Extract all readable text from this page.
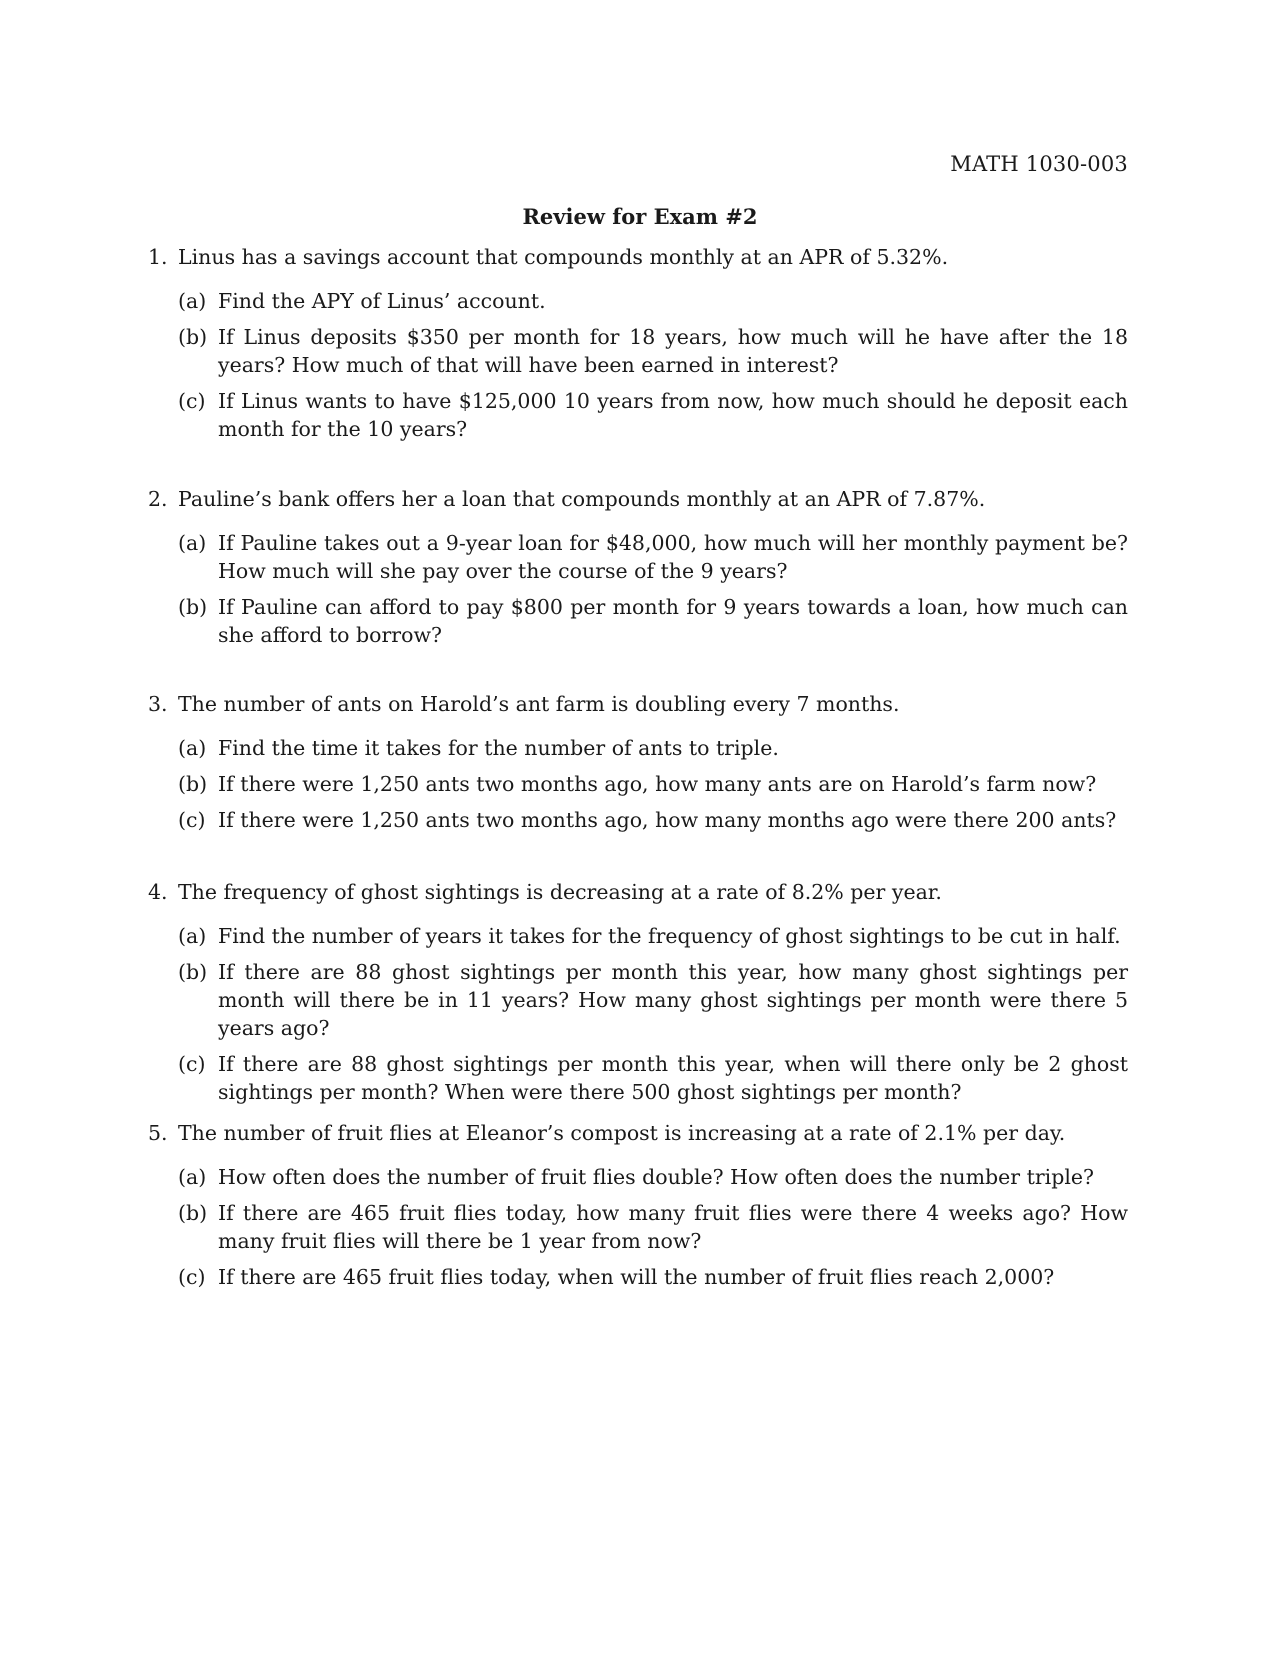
MATH 1030-003
Review for Exam #2
1. Linus has a savings account that compounds monthly at an APR of 5.32%.
(a) Find the APY of Linus’ account.
(b) If Linus deposits $350 per month for 18 years, how much will he have after the 18 years? How much of that will have been earned in interest?
(c) If Linus wants to have $125,000 10 years from now, how much should he deposit each month for the 10 years?
2. Pauline’s bank offers her a loan that compounds monthly at an APR of 7.87%.
(a) If Pauline takes out a 9-year loan for $48,000, how much will her monthly payment be? How much will she pay over the course of the 9 years?
(b) If Pauline can afford to pay $800 per month for 9 years towards a loan, how much can she afford to borrow?
3. The number of ants on Harold’s ant farm is doubling every 7 months.
(a) Find the time it takes for the number of ants to triple.
(b) If there were 1,250 ants two months ago, how many ants are on Harold’s farm now?
(c) If there were 1,250 ants two months ago, how many months ago were there 200 ants?
4. The frequency of ghost sightings is decreasing at a rate of 8.2% per year.
(a) Find the number of years it takes for the frequency of ghost sightings to be cut in half.
(b) If there are 88 ghost sightings per month this year, how many ghost sightings per month will there be in 11 years? How many ghost sightings per month were there 5 years ago?
(c) If there are 88 ghost sightings per month this year, when will there only be 2 ghost sightings per month? When were there 500 ghost sightings per month?
5. The number of fruit flies at Eleanor’s compost is increasing at a rate of 2.1% per day.
(a) How often does the number of fruit flies double? How often does the number triple?
(b) If there are 465 fruit flies today, how many fruit flies were there 4 weeks ago? How many fruit flies will there be 1 year from now?
(c) If there are 465 fruit flies today, when will the number of fruit flies reach 2,000?
